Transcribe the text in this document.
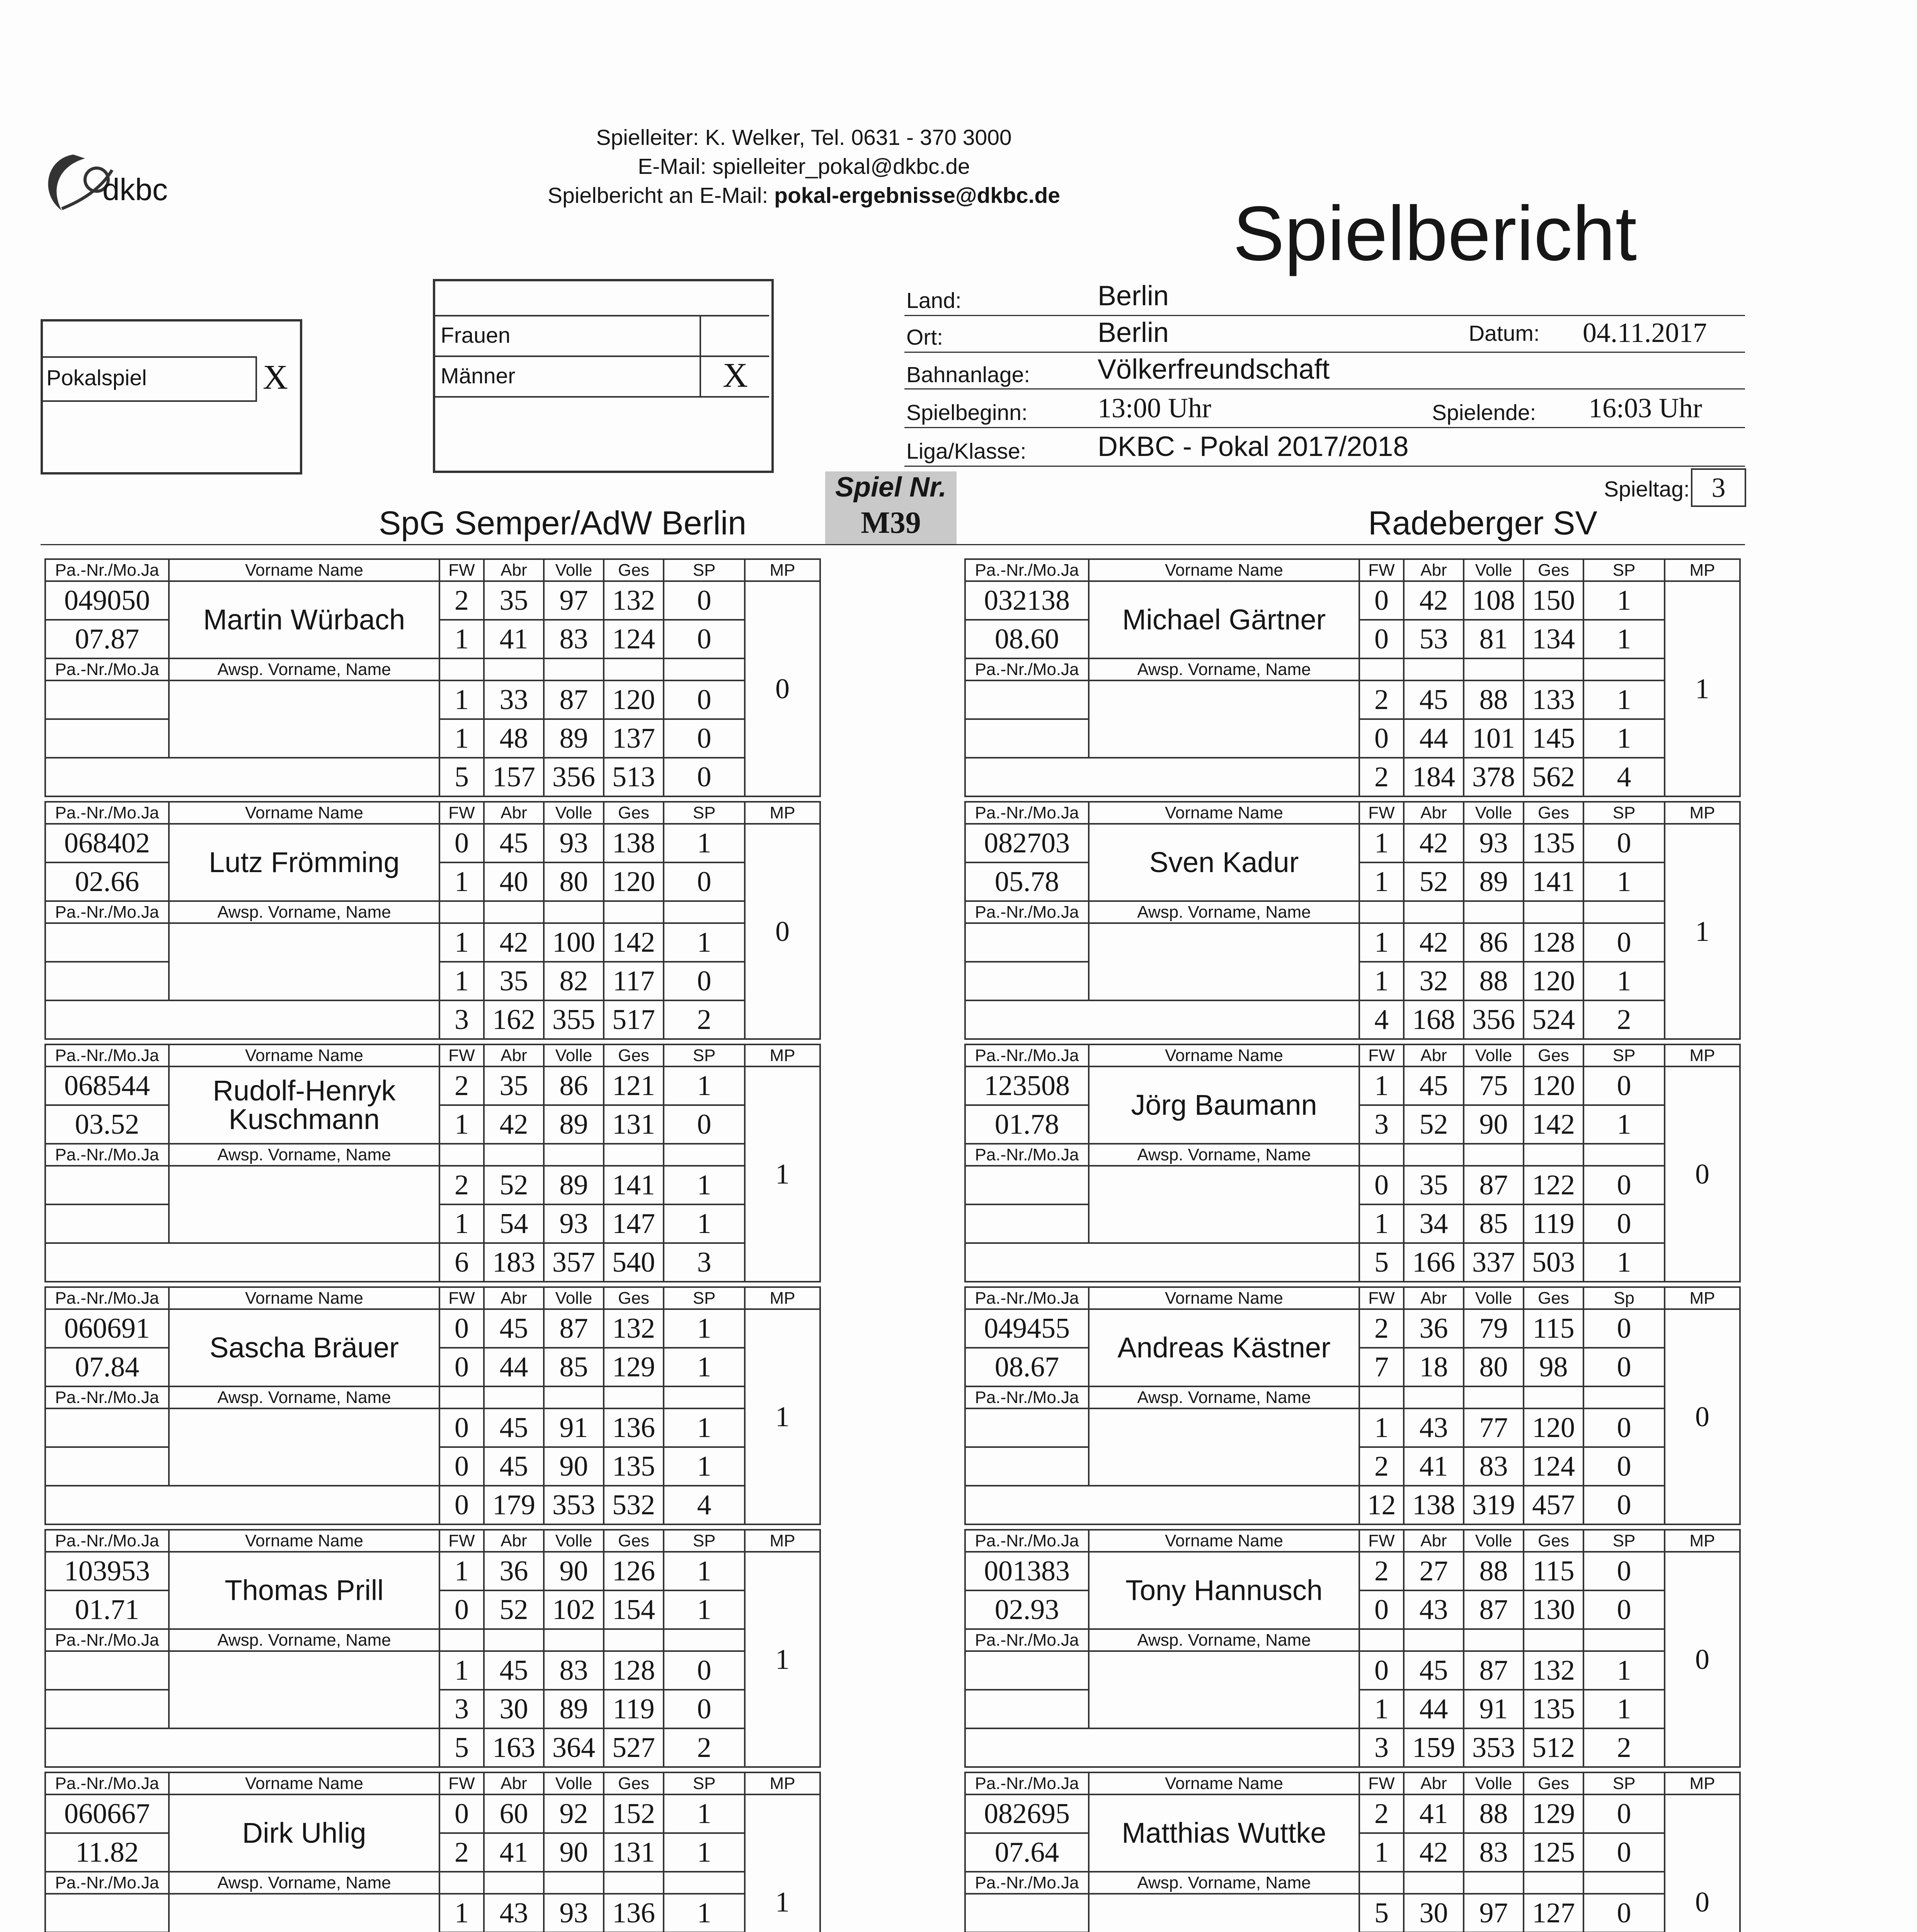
dkbc
Spielleiter: K. Welker, Tel. 0631 - 370 3000
E-Mail: spielleiter_pokal@dkbc.de
Spielbericht an E-Mail: pokal-ergebnisse@dkbc.de	Spielbericht
Pokalspiel	X
Frauen
Männer	X
Land:	Berlin
Ort:	Berlin	Datum: 04.11.2017
Bahnanlage: Völkerfreundschaft
Spielbeginn:	13:00 Uhr	Spielende: 16:03 Uhr
Liga/Klasse:	DKBC - Pokal 2017/2018
Spieltag: 3
Spiel Nr.
M39
SpG Semper/AdW Berlin	Radeberger SV
Pa.-Nr./Mo.Ja	Vorname Name	FW	Abr	Volle	Ges	SP	MP
049050	Martin Würbach	2	35	97	132	0	0
07.87		1	41	83	124	0	
Pa.-Nr./Mo.Ja	Awsp. Vorname, Name						
		1	33	87	120	0	
		1	48	89	137	0	
		5	157	356	513	0	
Pa.-Nr./Mo.Ja	Vorname Name	FW	Abr	Volle	Ges	SP	MP
068402	Lutz Frömming	0	45	93	138	1	0
02.66		1	40	80	120	0	
Pa.-Nr./Mo.Ja	Awsp. Vorname, Name						
		1	42	100	142	1	
		1	35	82	117	0	
		3	162	355	517	2	
Pa.-Nr./Mo.Ja	Vorname Name	FW	Abr	Volle	Ges	SP	MP
068544	Rudolf-Henryk
Kuschmann	2	35	86	121	1	1
03.52		1	42	89	131	0	
Pa.-Nr./Mo.Ja	Awsp. Vorname, Name						
		2	52	89	141	1	
		1	54	93	147	1	
		6	183	357	540	3	
Pa.-Nr./Mo.Ja	Vorname Name	FW	Abr	Volle	Ges	SP	MP
060691	Sascha Bräuer	0	45	87	132	1	1
07.84		0	44	85	129	1	
Pa.-Nr./Mo.Ja	Awsp. Vorname, Name						
		0	45	91	136	1	
		0	45	90	135	1	
		0	179	353	532	4	
Pa.-Nr./Mo.Ja	Vorname Name	FW	Abr	Volle	Ges	SP	MP
103953	Thomas Prill	1	36	90	126	1	1
01.71		0	52	102	154	1	
Pa.-Nr./Mo.Ja	Awsp. Vorname, Name						
		1	45	83	128	0	
		3	30	89	119	0	
		5	163	364	527	2	
Pa.-Nr./Mo.Ja	Vorname Name	FW	Abr	Volle	Ges	SP	MP
060667	Dirk Uhlig	0	60	92	152	1	1
11.82		2	41	90	131	1	
Pa.-Nr./Mo.Ja	Awsp. Vorname, Name						
		1	43	93	136	1	

Pa.-Nr./Mo.Ja	Vorname Name	FW	Abr	Volle	Ges	SP	MP
032138	Michael Gärtner	0	42	108	150	1	1
08.60		0	53	81	134	1	
Pa.-Nr./Mo.Ja	Awsp. Vorname, Name						
		2	45	88	133	1	
		0	44	101	145	1	
		2	184	378	562	4	
Pa.-Nr./Mo.Ja	Vorname Name	FW	Abr	Volle	Ges	SP	MP
082703	Sven Kadur	1	42	93	135	0	1
05.78		1	52	89	141	1	
Pa.-Nr./Mo.Ja	Awsp. Vorname, Name						
		1	42	86	128	0	
		1	32	88	120	1	
		4	168	356	524	2	
Pa.-Nr./Mo.Ja	Vorname Name	FW	Abr	Volle	Ges	SP	MP
123508	Jörg Baumann	1	45	75	120	0	0
01.78		3	52	90	142	1	
Pa.-Nr./Mo.Ja	Awsp. Vorname, Name						
		0	35	87	122	0	
		1	34	85	119	0	
		5	166	337	503	1	
Pa.-Nr./Mo.Ja	Vorname Name	FW	Abr	Volle	Ges	Sp	MP
049455	Andreas Kästner	2	36	79	115	0	0
08.67		7	18	80	98	0	
Pa.-Nr./Mo.Ja	Awsp. Vorname, Name						
		1	43	77	120	0	
		2	41	83	124	0	
		12	138	319	457	0	
Pa.-Nr./Mo.Ja	Vorname Name	FW	Abr	Volle	Ges	SP	MP
001383	Tony Hannusch	2	27	88	115	0	0
02.93		0	43	87	130	0	
Pa.-Nr./Mo.Ja	Awsp. Vorname, Name						
		0	45	87	132	1	
		1	44	91	135	1	
		3	159	353	512	2	
Pa.-Nr./Mo.Ja	Vorname Name	FW	Abr	Volle	Ges	SP	MP
082695	Matthias Wuttke	2	41	88	129	0	0
07.64		1	42	83	125	0	
Pa.-Nr./Mo.Ja	Awsp. Vorname, Name						
		5	30	97	127	0	
